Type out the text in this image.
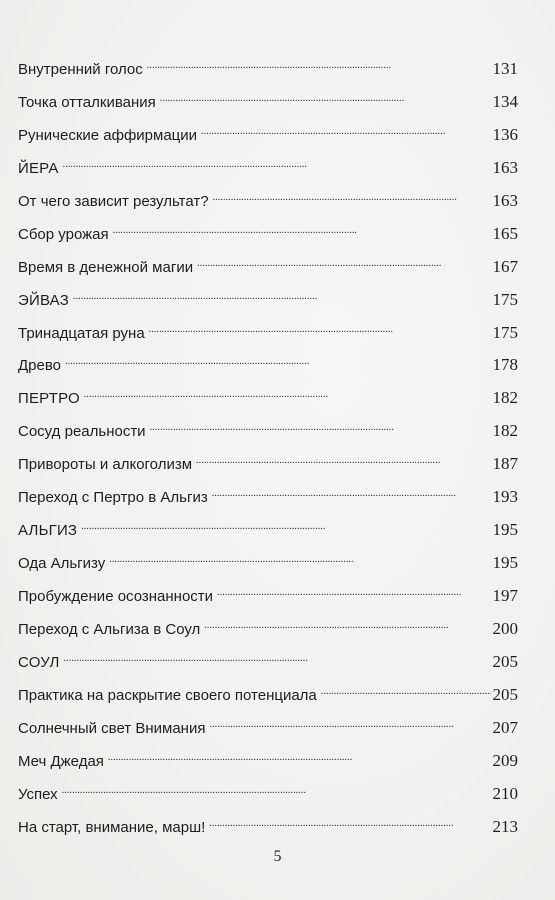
Внутренний голос . . .	131
Точка отталкивания . . .	134
Рунические аффирмации . . .	136
ЙЕРА . . .	163
От чего зависит результат? . . .	163
Сбор урожая . . .	165
Время в денежной магии . . .	167
ЭЙВАЗ . . .	175
Тринадцатая руна . . .	175
Древо . . .	178
ПЕРТРО . . .	182
Сосуд реальности . . .	182
Привороты и алкоголизм . . .	187
Переход с Пертро в Альгиз . . .	193
АЛЬГИЗ . . .	195
Ода Альгизу . . .	195
Пробуждение осознанности . . .	197
Переход с Альгиза в Соул . . .	200
СОУЛ . . .	205
Практика на раскрытие своего потенциала . . .	205
Солнечный свет Внимания . . .	207
Меч Джедая . . .	209
Успех . . .	210
На старт, внимание, марш! . . .	213
5
